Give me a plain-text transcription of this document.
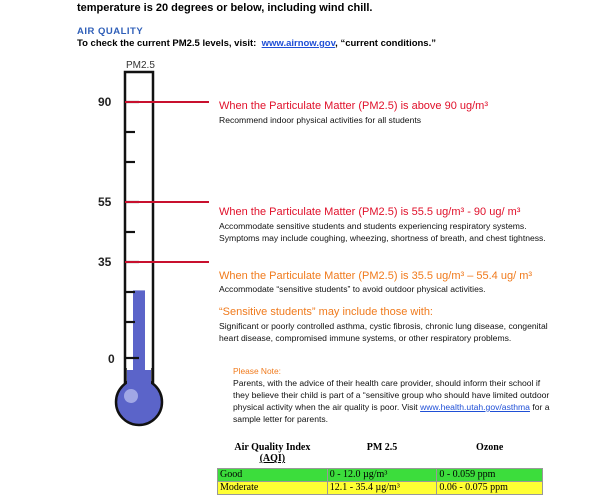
temperature is 20 degrees or below, including wind chill.
AIR QUALITY
To check the current PM2.5 levels, visit: www.airnow.gov, “current conditions.”
PM2.5
90
55
35
0
When the Particulate Matter (PM2.5) is above 90 ug/m³
Recommend indoor physical activities for all students
When the Particulate Matter (PM2.5) is 55.5 ug/m³ - 90 ug/ m³
Accommodate sensitive students and students experiencing respiratory systems. Symptoms may include coughing, wheezing, shortness of breath, and chest tightness.
When the Particulate Matter (PM2.5) is 35.5 ug/m³ – 55.4 ug/ m³
Accommodate “sensitive students” to avoid outdoor physical activities.
“Sensitive students” may include those with:
Significant or poorly controlled asthma, cystic fibrosis, chronic lung disease, congenital heart disease, compromised immune systems, or other respiratory problems.
Please Note:
Parents, with the advice of their health care provider, should inform their school if they believe their child is part of a “sensitive group who should have limited outdoor physical activity when the air quality is poor. Visit www.health.utah.gov/asthma for a sample letter for parents.
Air Quality Index
(AQI)	PM 2.5	Ozone
Good	0 - 12.0 µg/m³	0 - 0.059 ppm
Moderate	12.1 - 35.4 µg/m³	0.06 - 0.075 ppm
